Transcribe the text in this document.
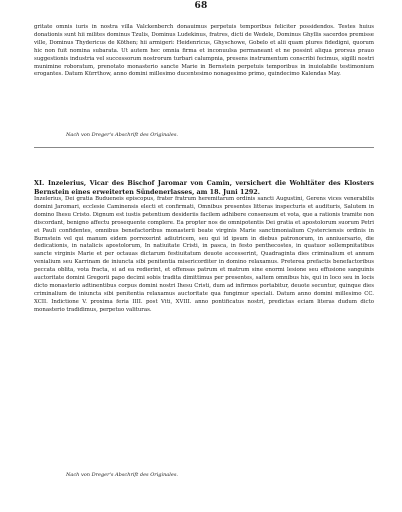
68

gritate omnis iuris in nostra villa Valckenberch donauimus perpetuis temporibus feliciter possidendos. Testes huius donationis sunt hii milites dominus Tzulis, Dominus Ludekinus, fratres, dicti de Wedele, Dominus Ghyllis sacerdos premisse ville, Dominus Thydericus de Köthen; hii armigeri: Heidenricus, Ghyschowe, Gobelo et alii quam plures fidedigni, quorum hic non fuit nomina subarata. Ut autem hec omnia firma et inconuulsa permaneant et ne possint aliqua prorsus prauo suggestionis industria vel successorum nostrorum turbari calumpnia, presens instrumentum conscribi fecimus, sigilli nostri munimine roboratum, prenotato monasterio sancte Marie in Bernstein perpetuis temporibus in inuiolabile testimonium erogantes. Datum Kürrthow, anno domini millesimo ducentesimo nonagesimo primo, quindecimo Kalendas May.

Nach von Dreger's Abschrift des Originales.

XI. Inzelerius, Vicar des Bischof Jaromar von Camin, versichert die Wohltäter des Klosters Bernstein eines erweiterten Sündenerlasses, am 18. Juni 1292.

Inzelerius, Dei gratia Budueneis episcopus, frater fratrum heremitarum ordinis sancti Augustini, Gerens vices venerabilis domini Jaromari, ecclesie Caminensis electi et confirmati, Omnibus presentes litteras inspecturis et audituris, Salutem in domino Ihesu Cristo. Dignum est iustis petentium desideriis facilem adhibere consensum et vota, que a rationis tramite non discordant, benigno affectu prosequente complere. Ea propter nos de omnipotentis Dei gratia et apostolorum suorum Petri et Pauli confidentes, omnibus benefactoribus monasterii beate virginis Marie sanctimonialium Cysterciensis ordinis in Burnstein vel qui manum eidem porrexerint adiutricem, seu qui id ipsum in diebus patronorum, in anniuersario, die dedicationis, in natalicis apostolorum, In natiuitate Cristi, in pasca, in festo penthecostes, in quatuor sollempnitatibus sancte virginis Marie et per octauas dictarum festiuitatum deuote accesserint, Quadraginta dies criminalium et annum venialium seu Karrinam de iniuncta sibi penitentia misericorditer in domino relaxamus. Preterea prefactis benefactoribus peccata oblita, vota fracta, si ad ea redierint, et offensas patrum et matrum sine enormi lesione seu effusione sanguinis auctoritate domini Gregorii papo decimi sobis tradita dimittimus per presentes, saltem omnibus his, qui in loco seu in locis dicto monasterio adtinentibus corpus domini nostri Ihesu Cristi, dum ad infirmos portabitur, deuote secuntur, quinque dies criminalium de iniuncta sibi penitentia relaxamus auctoritate qua fungimur speciali. Datum anno domini millesimo CC. XCII. Indictione V. proxima feria IIII. post Viti, XVIII. anno pontificatus nostri, predictas eciam literas dudum dicto monasterio tradidimus, perpetuo valituras.

Nach von Dreger's Abschrift des Originales.
